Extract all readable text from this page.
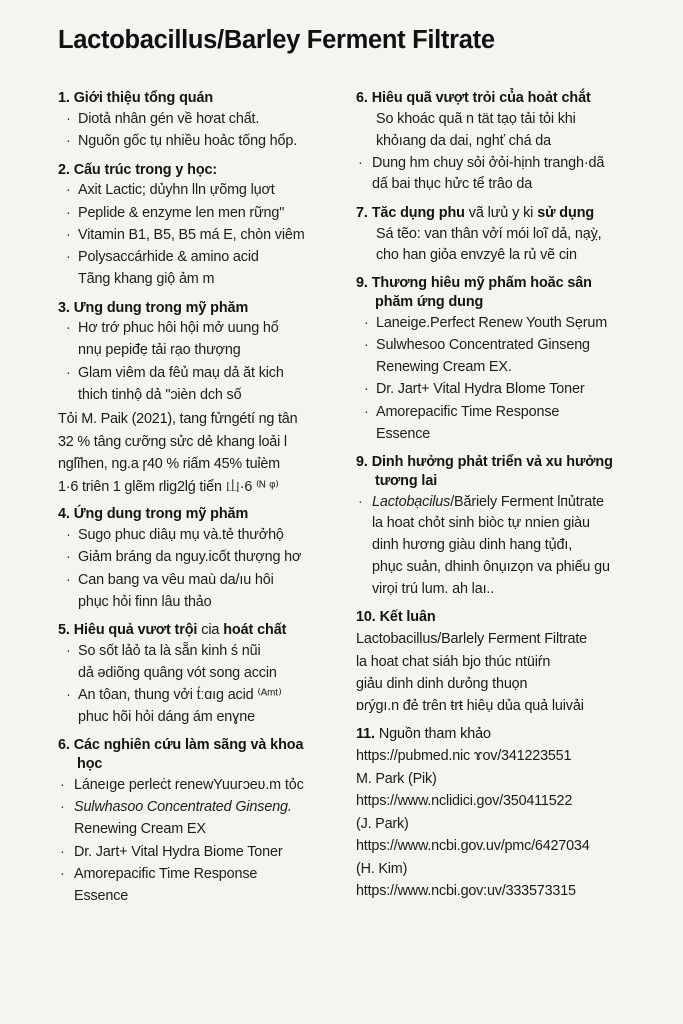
Lactobacillus/Barley Ferment Filtrate
1. Giới thiệu tổng quán
· Diotả nhân gén về hơat chất.
· Nguõn gốc tụ nhiều hoảc tống hổp.
2. Cấu trúc trong y học:
· Axit Lactic; dủyhn lln ựõmg lụơt
· Peplide & enzyme len men rững"
· Vitamin B1, B5, B5 má E, chòn viêm
· Polysaccárhide & amino acid
Tãng khang giộ ảm m
3. Ưng dung trong mỹ phăm
· Hơ trớ phuc hôi hội mở uung hổ
nnụ pepiđẹ tải rạo thượng
· Glam viêm da fêủ maụ dả ăt kich
thich tinhộ dả "ɔièn dch số
Tỏi M. Paik (2021), tang fửngétí ng tân
32 % tâng cưỡng sửc dẻ khang loải l
nglĩhen, ng.a ɼ40 % riấm 45% tuỉèm
1·6 triên 1 glẽm rlig2lǵ tiển ⼭·6 ⁽ᴺ ᵠ⁾
4. Ứng dung trong mỹ phăm
· Sugo phuc diâụ mụ và.tẻ thưởhộ
· Giảm bráng da nguy.icốt thượng hơ
· Can bang va vêu maù da/ıu hôi
phục hỏi finn lâu thảo
5. Hiêu quả vươt trội cia hoát chất
· So sốt lảỏ ta là sẵn kinh ś nũi
dả ǝdiõng quâng vót song accin
· An tôan, thung vởi t́ːɑıg acid ⁽ᴬᵐᵗ⁾
phuc hõi hỏi dáng ám enɣne
6. Các nghiên cứu làm sãng và khoa
học
· Láneıge perleċt renewYuuᴦɔeʋ.m tỏc
· Sulwhasoo Concentrated Ginseng.
Renewing Cream EX
· Dr. Jart+ Vital Hydra Biome Toner
· Amorepacific Time Response
Essence
6. Hiêu quã vượt trỏi củ̉a hoảt chắt
So khoác quã n tät tạọ tải tỏi khi
khỏıang da dai, nghť chá da
· Dung hm chuy sỏi ởỏi-hịnh trangh·dã
dấ bai thục hửc tể trâo da
7. Tăc dụng phu vã lưủ y ki sử dụng
Sá tẽo: van thân vởí mói loĩ dả, nạỵ̀,
cho han giỏa envzyê la rủ vẽ cin
9. Thương hiêu mỹ phấm hoăc sân
phăm ứng dung
· Laneige.Perfect Renew Youth Sẹrum
· Sulwhesoo Concentrated Ginseng
Renewing Cream EX.
· Dr. Jart+ Vital Hydra Blome Toner
· Amorepacific Time Response
Essence
9. Dinh hưởng phảt triển vả xu hưởng
tương lai
· Lactobạcilus/Băriely Ferment lᴨủtrate
la hoat chỏt sinh biòc tự nnien giàu
dinh hương giàu dinh hang tụ̉đı,
phục suản, dhinh ônụızọn va phiếu gu
virọi trú lum. ah laı..
10. Kết luân
Lactobacillus/Barlely Ferment Filtrate
la hoat chat siáh bjo thúc ntüiŕn
giảu dinh dinh dưỏng thuọn
ɒɾýgı.n đẻ trên ŧrŧ hiêụ dủa quả luivải
11. Nguồn tham khảo
https://pubmed.nic ɤov/341223551
M. Park (Pik)
https://www.nclidici.gov/350411522
(J. Park)
https://www.ncbi.gov.uv/pmc/6427034
(H. Kim)
https://www.ncbi.gov:uv/333573315
